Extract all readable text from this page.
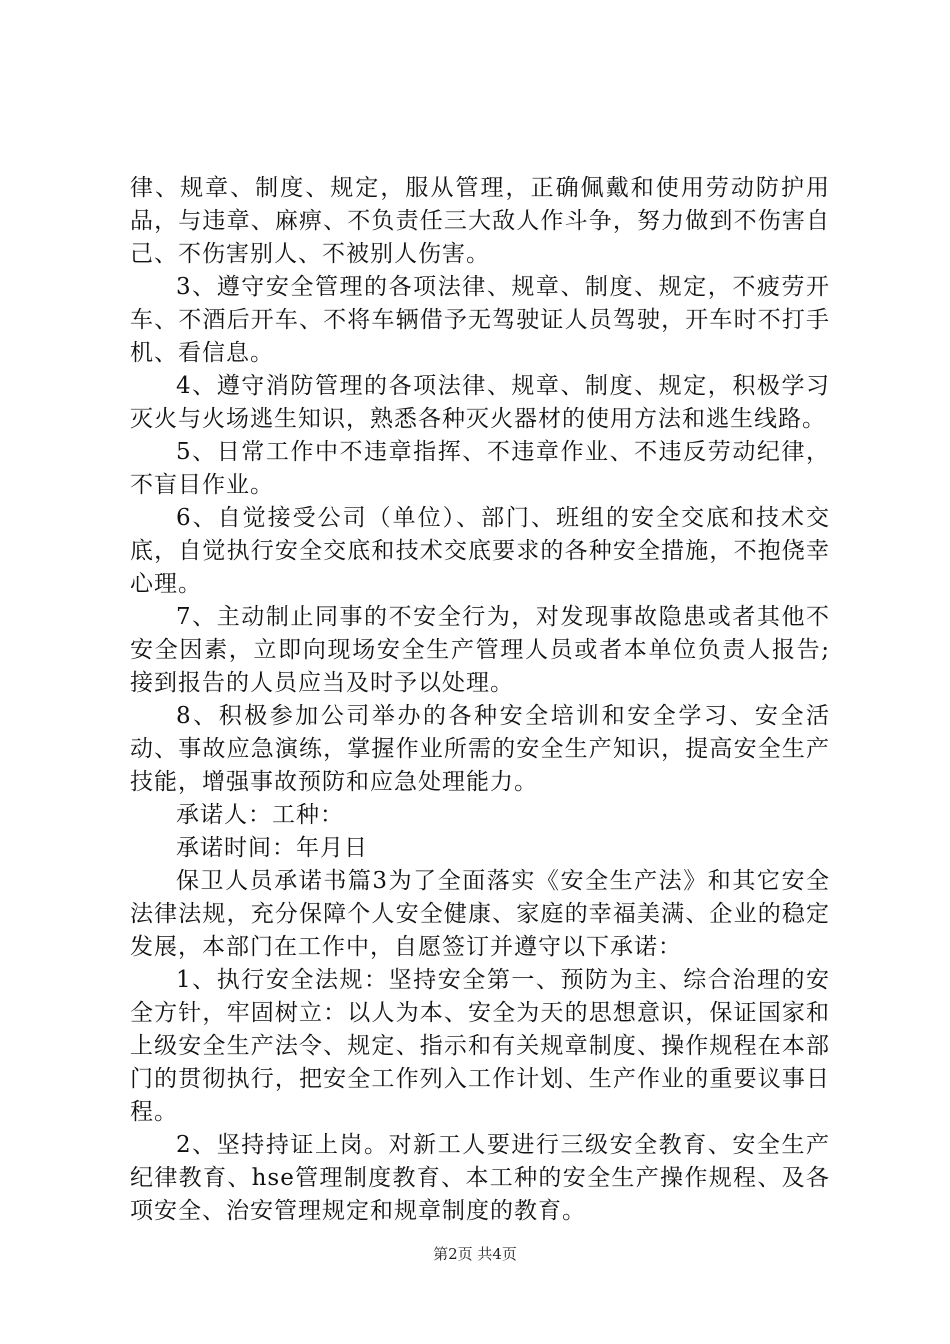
律、规章、制度、规定，服从管理，正确佩戴和使用劳动防护用品，与违章、麻痹、不负责任三大敌人作斗争，努力做到不伤害自己、不伤害别人、不被别人伤害。

3、遵守安全管理的各项法律、规章、制度、规定，不疲劳开车、不酒后开车、不将车辆借予无驾驶证人员驾驶，开车时不打手机、看信息。

4、遵守消防管理的各项法律、规章、制度、规定，积极学习灭火与火场逃生知识，熟悉各种灭火器材的使用方法和逃生线路。

5、日常工作中不违章指挥、不违章作业、不违反劳动纪律，不盲目作业。

6、自觉接受公司（单位）、部门、班组的安全交底和技术交底，自觉执行安全交底和技术交底要求的各种安全措施，不抱侥幸心理。

7、主动制止同事的不安全行为，对发现事故隐患或者其他不安全因素，立即向现场安全生产管理人员或者本单位负责人报告;接到报告的人员应当及时予以处理。

8、积极参加公司举办的各种安全培训和安全学习、安全活动、事故应急演练，掌握作业所需的安全生产知识，提高安全生产技能，增强事故预防和应急处理能力。

承诺人：工种：

承诺时间：年月日

保卫人员承诺书篇3为了全面落实《安全生产法》和其它安全法律法规，充分保障个人安全健康、家庭的幸福美满、企业的稳定发展，本部门在工作中，自愿签订并遵守以下承诺：

1、执行安全法规：坚持安全第一、预防为主、综合治理的安全方针，牢固树立：以人为本、安全为天的思想意识，保证国家和上级安全生产法令、规定、指示和有关规章制度、操作规程在本部门的贯彻执行，把安全工作列入工作计划、生产作业的重要议事日程。

2、坚持持证上岗。对新工人要进行三级安全教育、安全生产纪律教育、hse管理制度教育、本工种的安全生产操作规程、及各项安全、治安管理规定和规章制度的教育。

第2页 共4页
